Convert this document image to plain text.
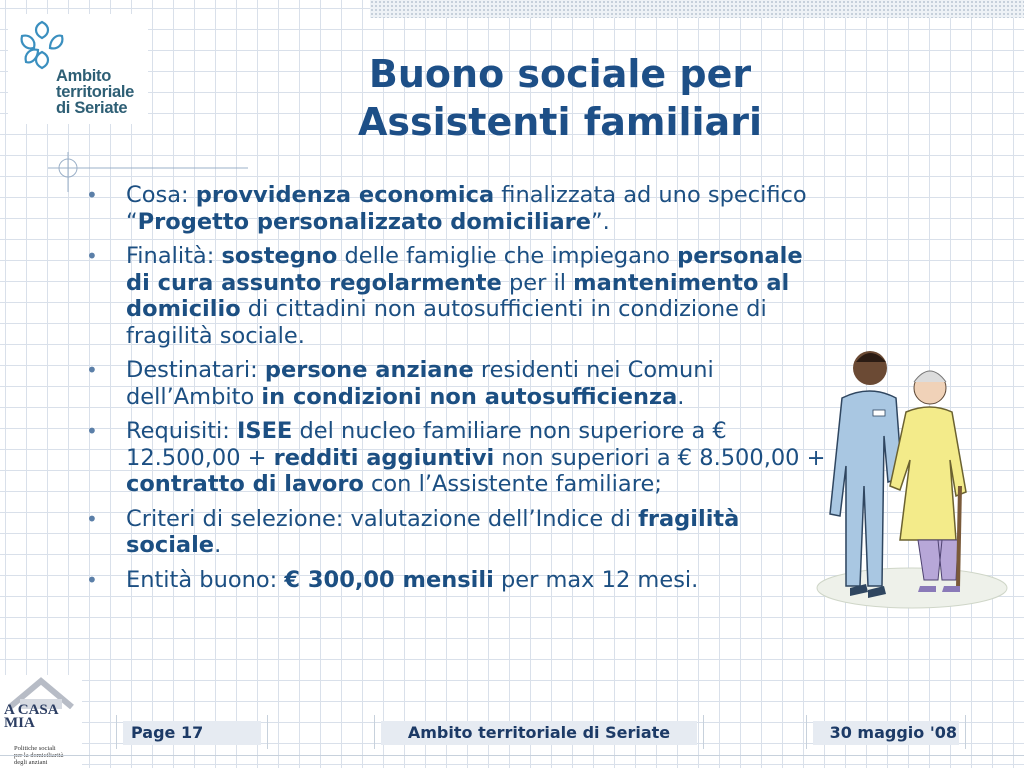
Ambito
territoriale
di Seriate
Buono sociale per
Assistenti familiari
• Cosa: provvidenza economica finalizzata ad uno specifico “Progetto personalizzato domiciliare”.
• Finalità: sostegno delle famiglie che impiegano personale di cura assunto regolarmente per il mantenimento al domicilio di cittadini non autosufficienti in condizione di fragilità sociale.
• Destinatari: persone anziane residenti nei Comuni dell’Ambito in condizioni non autosufficienza.
• Requisiti: ISEE del nucleo familiare non superiore a € 12.500,00 + redditi aggiuntivi non superiori a € 8.500,00 + contratto di lavoro con l’Assistente familiare;
• Criteri di selezione: valutazione dell’Indice di fragilità sociale.
• Entità buono: € 300,00 mensili per max 12 mesi.
A CASA
MIA
Politiche sociali
degli anziani
Page 17	Ambito territoriale di Seriate	30 maggio '08
